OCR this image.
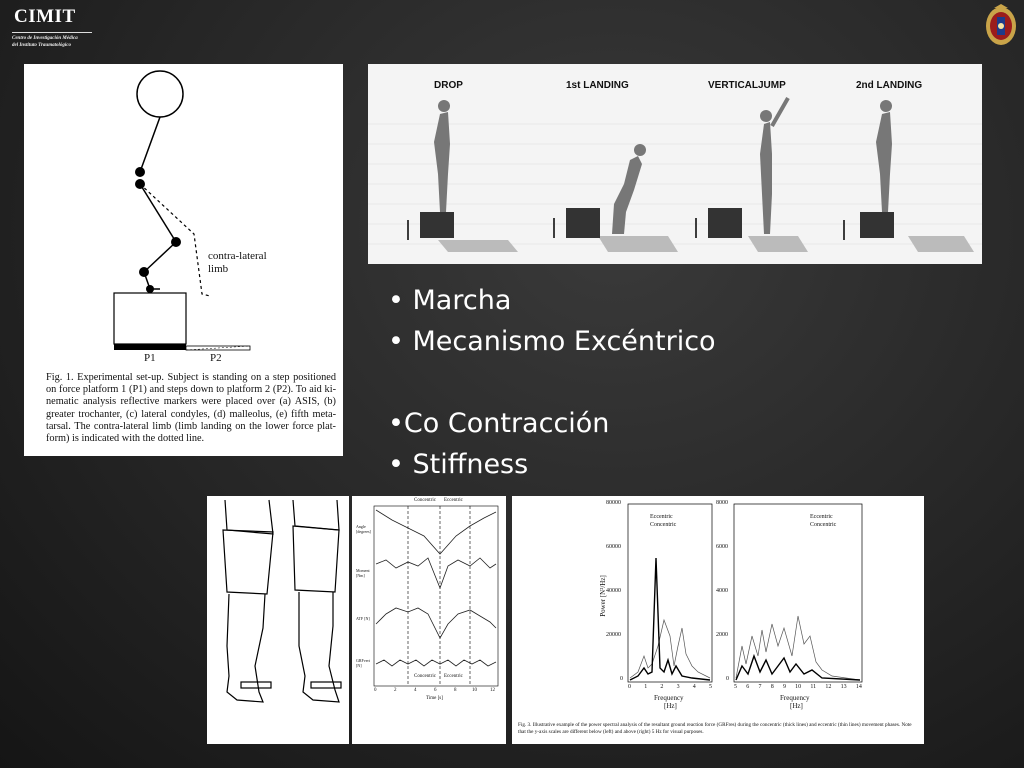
CIMIT
Centro de Investigación Médica
del Instituto Traumatológico
contra-lateral limb
P1	P2
Fig. 1. Experimental set-up. Subject is standing on a step positioned on force platform 1 (P1) and steps down to platform 2 (P2). To aid ki-nematic analysis reflective markers were placed over (a) ASIS, (b) greater trochanter, (c) lateral condyles, (d) malleolus, (e) fifth meta-tarsal. The contra-lateral limb (limb landing on the lower force plat-form) is indicated with the dotted line.
DROP	1st LANDING	VERTICALJUMP	2nd LANDING
• Marcha
• Mecanismo Excéntrico
•Co Contracción
• Stiffness
Concentric Eccentric
Angle [degrees]
Moment [Nm]
ATF [N]
GRFvert [N]
Concentric Eccentric
0	2	4	6	8	10	12
Time [s]
Eccentric
Concentric
Eccentric
Concentric
80000
60000
40000
20000
0
8000
6000
4000
2000
0
Power [N²/Hz]
0 1 2 3 4 5	5 6 7 8 9 10 11 12 13 14
Frequency
[Hz]
Frequency
[Hz]
Fig. 3. Illustrative example of the power spectral analysis of the resultant ground reaction force (GRFres) during the concentric (thick lines) and eccentric (thin lines) movement phases. Note that the y-axis scales are different below (left) and above (right) 5 Hz for visual purposes.
